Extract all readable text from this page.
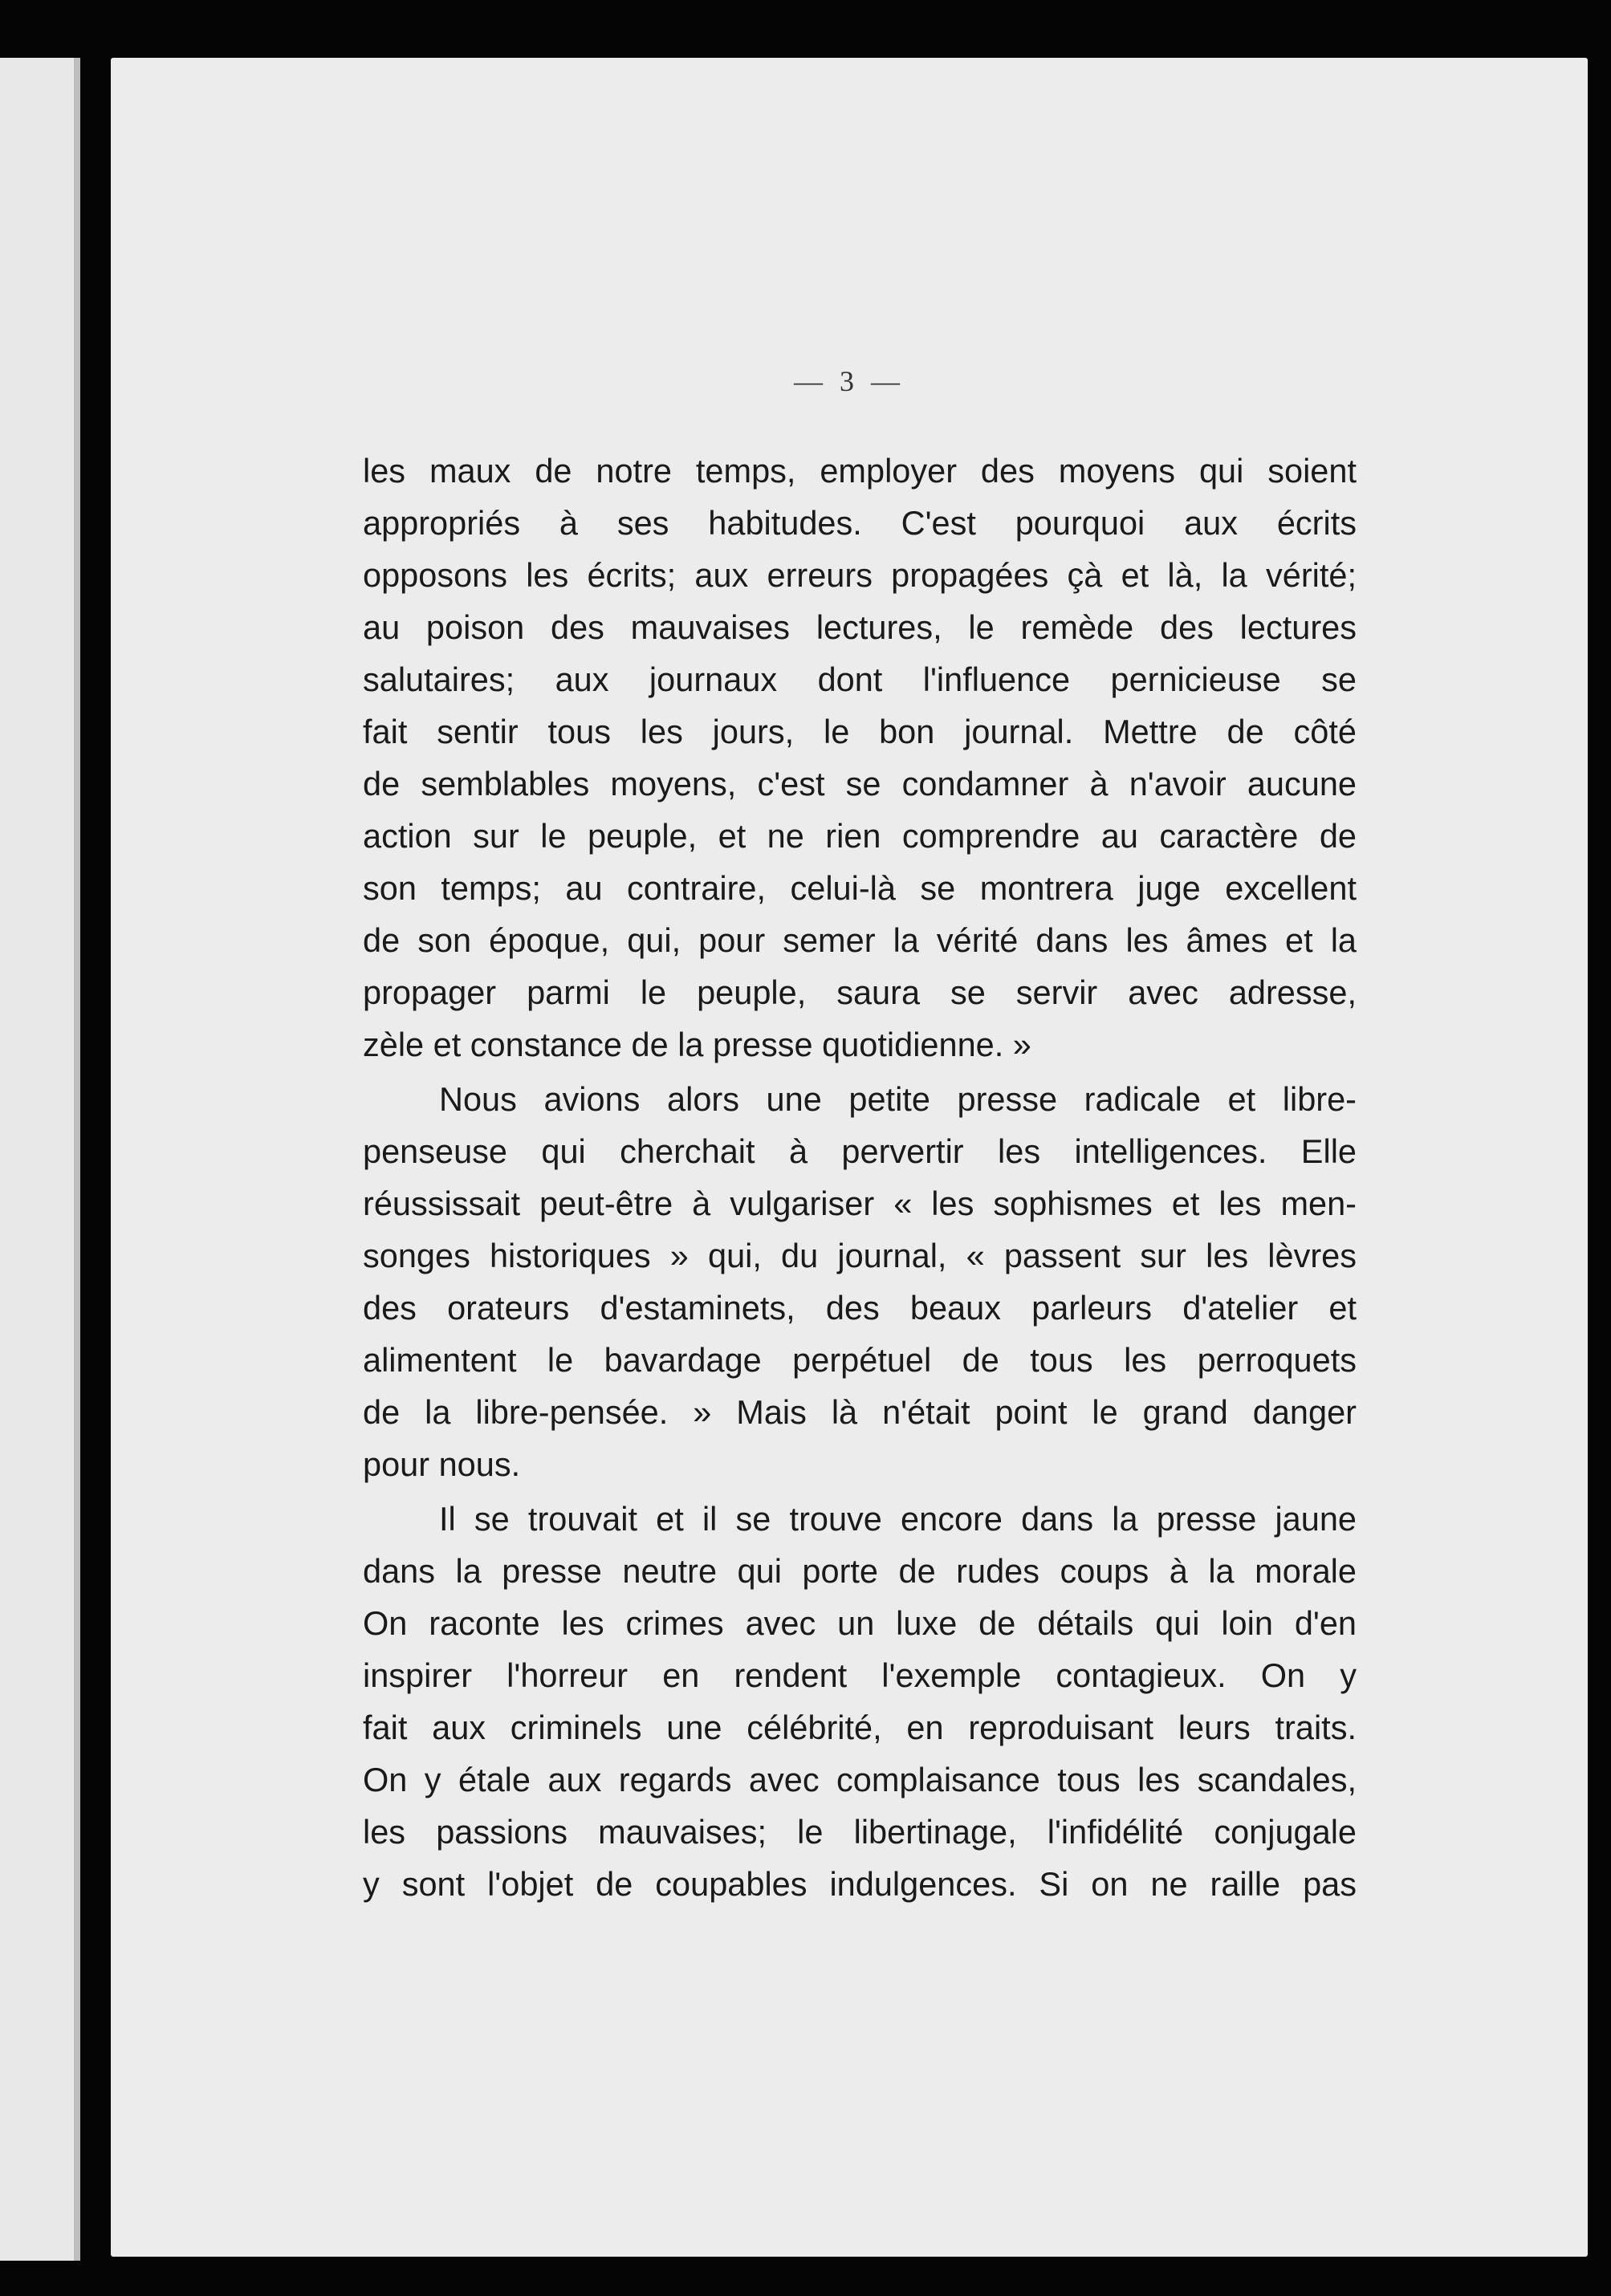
— 3 —
les maux de notre temps, employer des moyens qui soient
appropriés à ses habitudes. C'est pourquoi aux écrits
opposons les écrits; aux erreurs propagées çà et là, la vérité;
au poison des mauvaises lectures, le remède des lectures
salutaires; aux journaux dont l'influence pernicieuse se
fait sentir tous les jours, le bon journal. Mettre de côté
de semblables moyens, c'est se condamner à n'avoir aucune
action sur le peuple, et ne rien comprendre au caractère de
son temps; au contraire, celui-là se montrera juge excellent
de son époque, qui, pour semer la vérité dans les âmes et la
propager parmi le peuple, saura se servir avec adresse,
zèle et constance de la presse quotidienne. »
Nous avions alors une petite presse radicale et libre-
penseuse qui cherchait à pervertir les intelligences. Elle
réussissait peut-être à vulgariser « les sophismes et les men-
songes historiques » qui, du journal, « passent sur les lèvres
des orateurs d'estaminets, des beaux parleurs d'atelier et
alimentent le bavardage perpétuel de tous les perroquets
de la libre-pensée. » Mais là n'était point le grand danger
pour nous.
Il se trouvait et il se trouve encore dans la presse jaune
dans la presse neutre qui porte de rudes coups à la morale
On raconte les crimes avec un luxe de détails qui loin d'en
inspirer l'horreur en rendent l'exemple contagieux. On y
fait aux criminels une célébrité, en reproduisant leurs traits.
On y étale aux regards avec complaisance tous les scandales,
les passions mauvaises; le libertinage, l'infidélité conjugale
y sont l'objet de coupables indulgences. Si on ne raille pas
